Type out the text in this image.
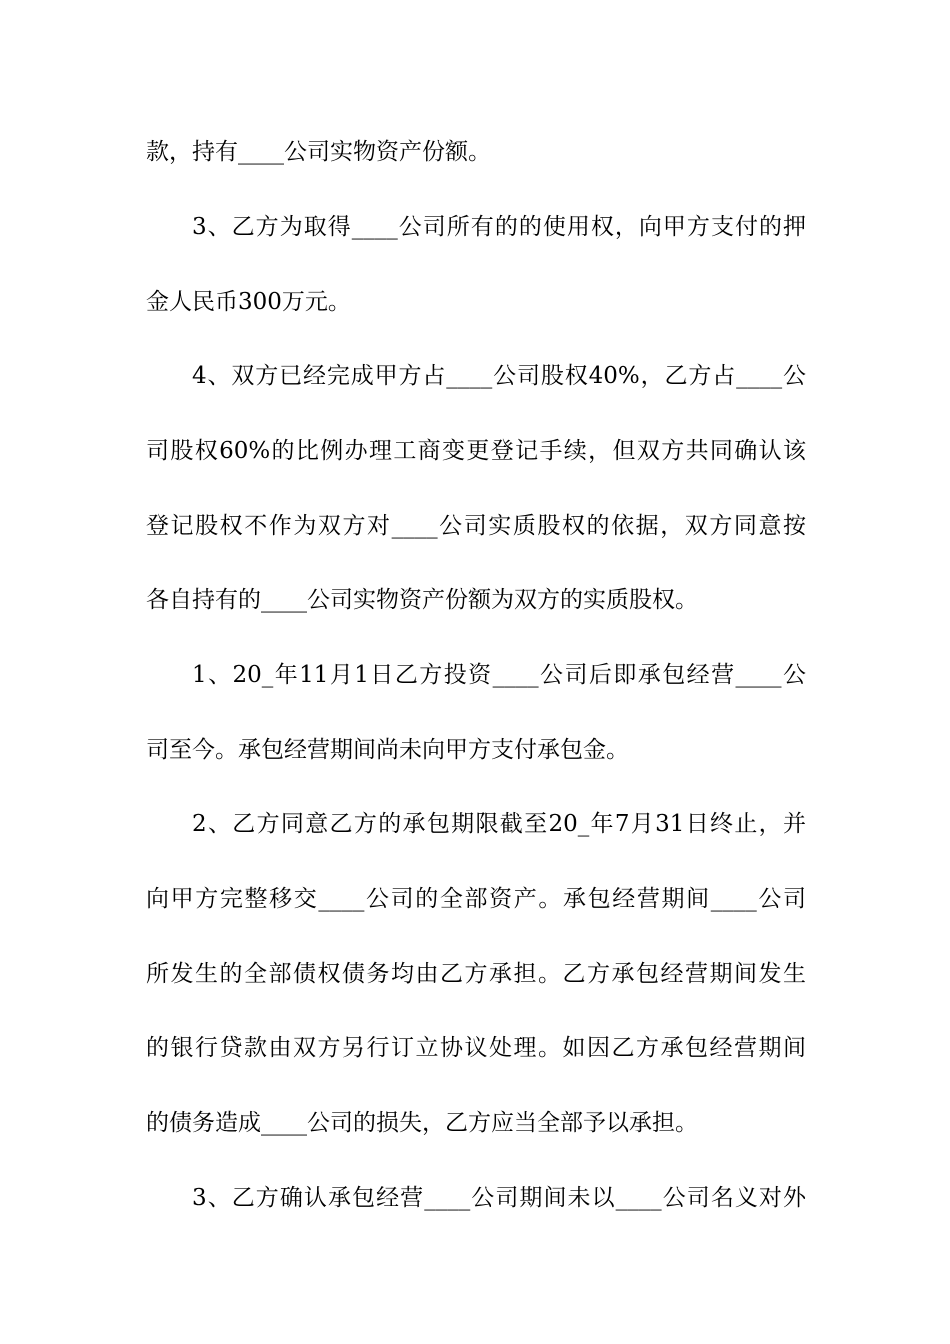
款，持有____公司实物资产份额。

3、乙方为取得____公司所有的的使用权，向甲方支付的押

金人民币300万元。

4、双方已经完成甲方占____公司股权40%，乙方占____公

司股权60%的比例办理工商变更登记手续，但双方共同确认该

登记股权不作为双方对____公司实质股权的依据，双方同意按

各自持有的____公司实物资产份额为双方的实质股权。

1、20_年11月1日乙方投资____公司后即承包经营____公

司至今。承包经营期间尚未向甲方支付承包金。

2、乙方同意乙方的承包期限截至20_年7月31日终止，并

向甲方完整移交____公司的全部资产。承包经营期间____公司

所发生的全部债权债务均由乙方承担。乙方承包经营期间发生

的银行贷款由双方另行订立协议处理。如因乙方承包经营期间

的债务造成____公司的损失，乙方应当全部予以承担。

3、乙方确认承包经营____公司期间未以____公司名义对外
